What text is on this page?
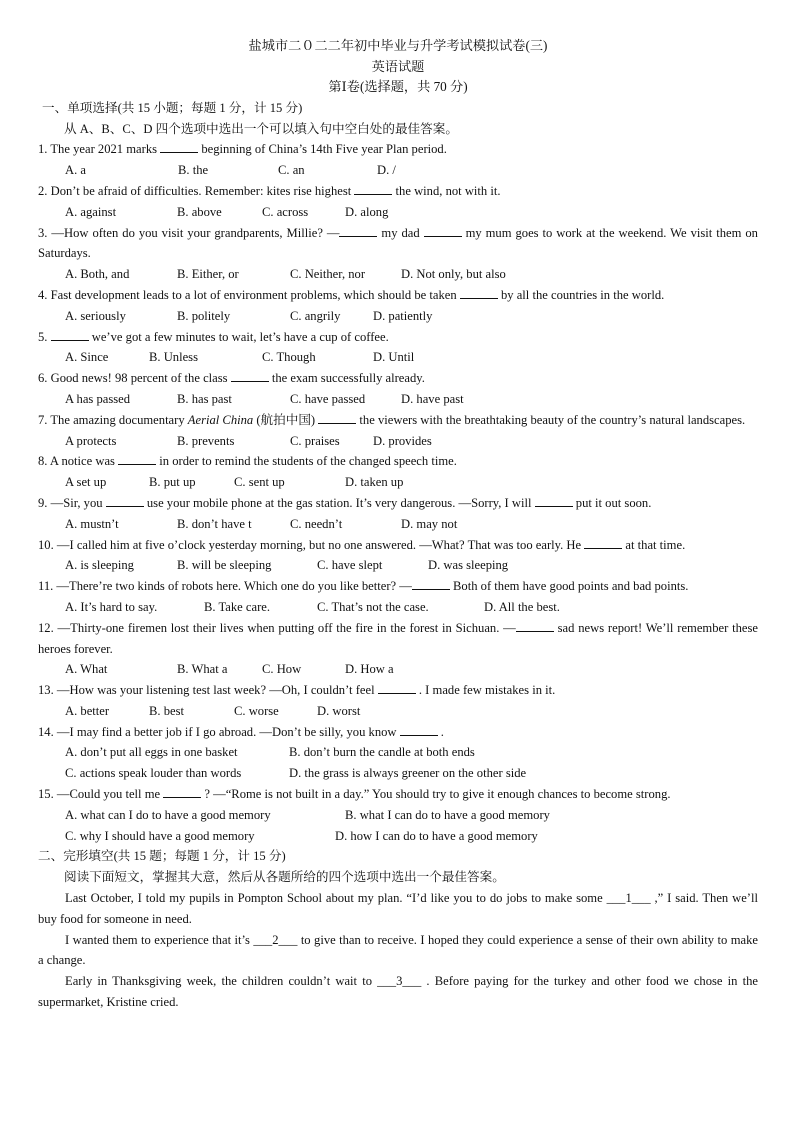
盐城市二０二二年初中毕业与升学考试模拟试卷(三)
英语试题
第Ⅰ卷(选择题，共 70 分)
一、单项选择(共 15 小题；每题 1 分，计 15 分)
从 A、B、C、D 四个选项中选出一个可以填入句中空白处的最佳答案。
1. The year 2021 marks	beginning of China’s 14th Five year Plan period.
A. a	B. the	C. an	D. /
2. Don’t be afraid of difficulties. Remember: kites rise highest	the wind, not with it.
A. against	B. above	C. across	D. along
3. —How often do you visit your grandparents, Millie? —	my dad	my mum goes to work at the weekend. We visit them on Saturdays.
A. Both, and	B. Either, or	C. Neither, nor	D. Not only, but also
4. Fast development leads to a lot of environment problems, which should be taken	by all the countries in the world.
A. seriously	B. politely	C. angrily	D. patiently
5.	we’ve got a few minutes to wait, let’s have a cup of coffee.
A. Since	B. Unless	C. Though	D. Until
6. Good news! 98 percent of the class	the exam successfully already.
A has passed	B. has past	C. have passed	D. have past
7. The amazing documentary Aerial China (航拍中国)	the viewers with the breathtaking beauty of the country’s natural landscapes.
A protects	B. prevents	C. praises	D. provides
8. A notice was	in order to remind the students of the changed speech time.
A set up	B. put up	C. sent up	D. taken up
9. —Sir, you	use your mobile phone at the gas station. It’s very dangerous. —Sorry, I will	put it out soon.
A. mustn’t	B. don’t have t	C. needn’t	D. may not
10. —I called him at five o’clock yesterday morning, but no one answered. —What? That was too early. He	at that time.
A. is sleeping	B. will be sleeping	C. have slept	D. was sleeping
11. —There’re two kinds of robots here. Which one do you like better? —	Both of them have good points and bad points.
A. It’s hard to say.	B. Take care.	C. That’s not the case.	D. All the best.
12. —Thirty-one firemen lost their lives when putting off the fire in the forest in Sichuan. —	sad news report! We’ll remember these heroes forever.
A. What	B. What a	C. How	D. How a
13. —How was your listening test last week? —Oh, I couldn’t feel	. I made few mistakes in it.
A. better	B. best	C. worse	D. worst
14. —I may find a better job if I go abroad. —Don’t be silly, you know	.
A. don’t put all eggs in one basket	B. don’t burn the candle at both ends
C. actions speak louder than words	D. the grass is always greener on the other side
15. —Could you tell me	? —“Rome is not built in a day.” You should try to give it enough chances to become strong.
A. what can I do to have a good memory	B. what I can do to have a good memory
C. why I should have a good memory	D. how I can do to have a good memory
二、完形填空(共 15 题；每题 1 分，计 15 分)
阅读下面短文，掌握其大意，然后从各题所给的四个选项中选出一个最佳答案。
Last October, I told my pupils in Pompton School about my plan. “I’d like you to do jobs to make some ___1___ ,” I said. Then we’ll buy food for someone in need.
I wanted them to experience that it’s ___2___ to give than to receive. I hoped they could experience a sense of their own ability to make a change.
Early in Thanksgiving week, the children couldn’t wait to ___3___ . Before paying for the turkey and other food we chose in the supermarket, Kristine cried.
